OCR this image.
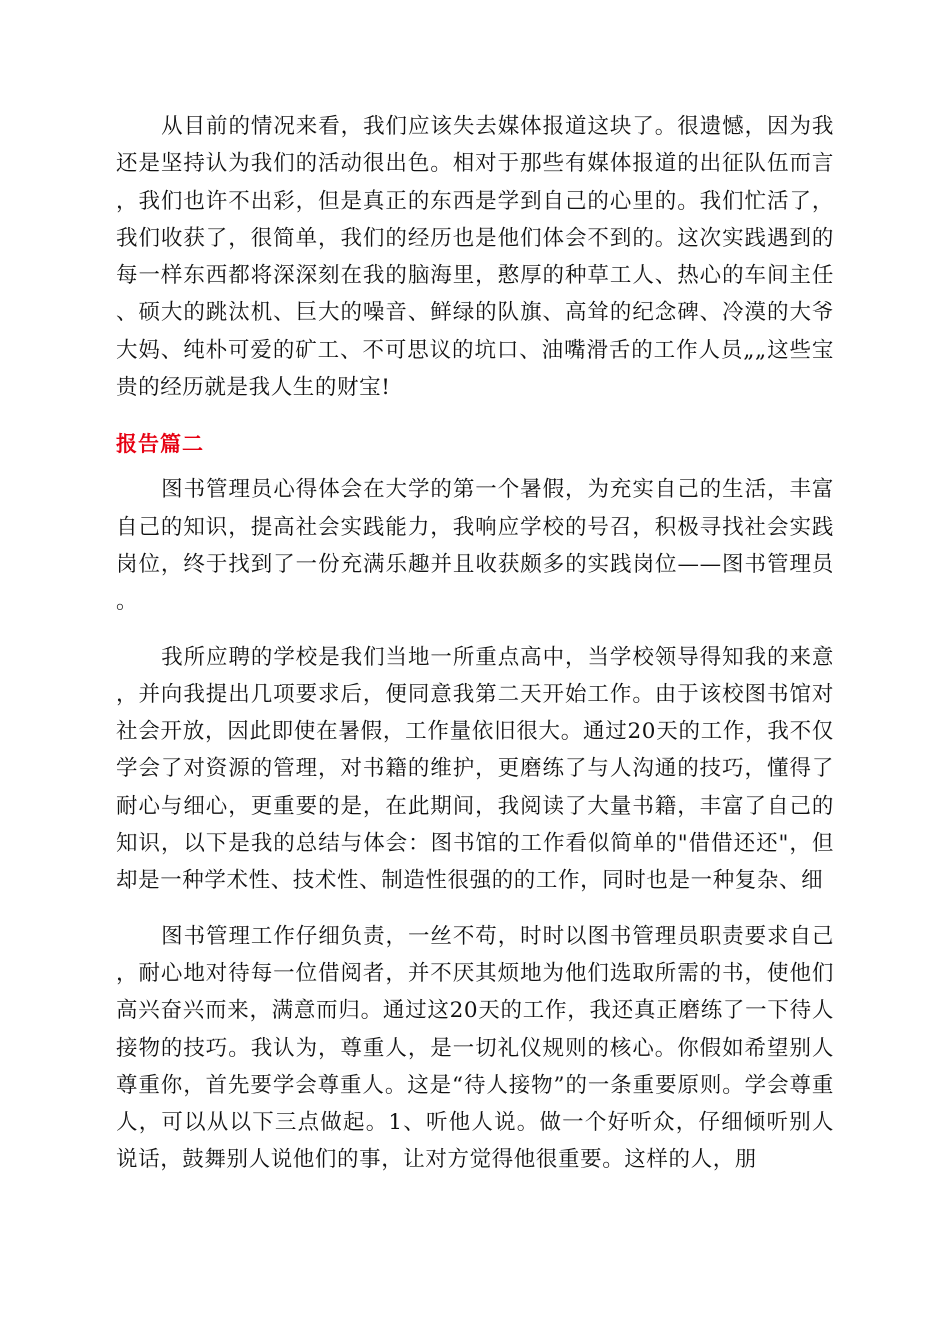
从目前的情况来看，我们应该失去媒体报道这块了。很遗憾，因为我还是坚持认为我们的活动很出色。相对于那些有媒体报道的出征队伍而言，我们也许不出彩，但是真正的东西是学到自己的心里的。我们忙活了，我们收获了，很简单，我们的经历也是他们体会不到的。这次实践遇到的每一样东西都将深深刻在我的脑海里，憨厚的种草工人、热心的车间主任、硕大的跳汰机、巨大的噪音、鲜绿的队旗、高耸的纪念碑、冷漠的大爷大妈、纯朴可爱的矿工、不可思议的坑口、油嘴滑舌的工作人员„„这些宝贵的经历就是我人生的财宝!

报告篇二

图书管理员心得体会在大学的第一个暑假，为充实自己的生活，丰富自己的知识，提高社会实践能力，我响应学校的号召，积极寻找社会实践岗位，终于找到了一份充满乐趣并且收获颇多的实践岗位——图书管理员。

我所应聘的学校是我们当地一所重点高中，当学校领导得知我的来意，并向我提出几项要求后，便同意我第二天开始工作。由于该校图书馆对社会开放，因此即使在暑假，工作量依旧很大。通过20天的工作，我不仅学会了对资源的管理，对书籍的维护，更磨练了与人沟通的技巧，懂得了耐心与细心，更重要的是，在此期间，我阅读了大量书籍，丰富了自己的知识，以下是我的总结与体会：图书馆的工作看似简单的"借借还还"，但却是一种学术性、技术性、制造性很强的的工作，同时也是一种复杂、细

图书管理工作仔细负责，一丝不苟，时时以图书管理员职责要求自己，耐心地对待每一位借阅者，并不厌其烦地为他们选取所需的书，使他们高兴奋兴而来，满意而归。通过这20天的工作，我还真正磨练了一下待人接物的技巧。我认为，尊重人，是一切礼仪规则的核心。你假如希望别人尊重你，首先要学会尊重人。这是“待人接物”的一条重要原则。学会尊重人，可以从以下三点做起。1、听他人说。做一个好听众，仔细倾听别人说话，鼓舞别人说他们的事，让对方觉得他很重要。这样的人，朋
